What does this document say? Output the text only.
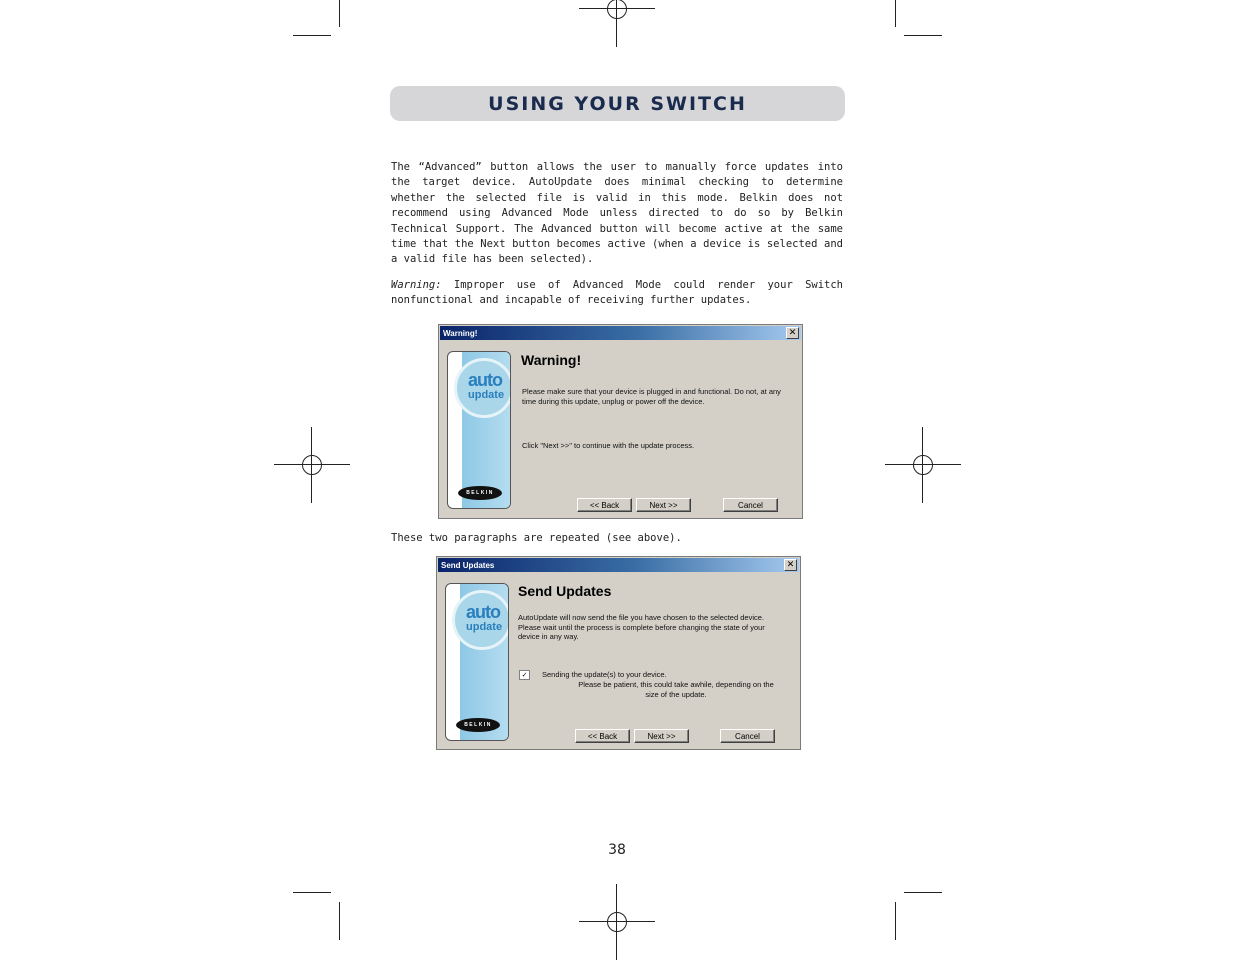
USING YOUR SWITCH

The “Advanced” button allows the user to manually force updates into the target device. AutoUpdate does minimal checking to determine whether the selected file is valid in this mode. Belkin does not recommend using Advanced Mode unless directed to do so by Belkin Technical Support. The Advanced button will become active at the same time that the Next button becomes active (when a device is selected and a valid file has been selected).

Warning: Improper use of Advanced Mode could render your Switch nonfunctional and incapable of receiving further updates.

Warning!	✕
auto
update
BELKIN
Warning!

Please make sure that your device is plugged in and functional. Do not, at any time during this update, unplug or power off the device.

Click "Next >>" to continue with the update process.

<< Back	Next >>	Cancel
These two paragraphs are repeated (see above).
Send Updates	✕
auto
update
BELKIN
Send Updates

AutoUpdate will now send the file you have chosen to the selected device. Please wait until the process is complete before changing the state of your device in any way.

✓	Sending the update(s) to your device.

Please be patient, this could take awhile, depending on the size of the update.

<< Back	Next >>	Cancel
38
